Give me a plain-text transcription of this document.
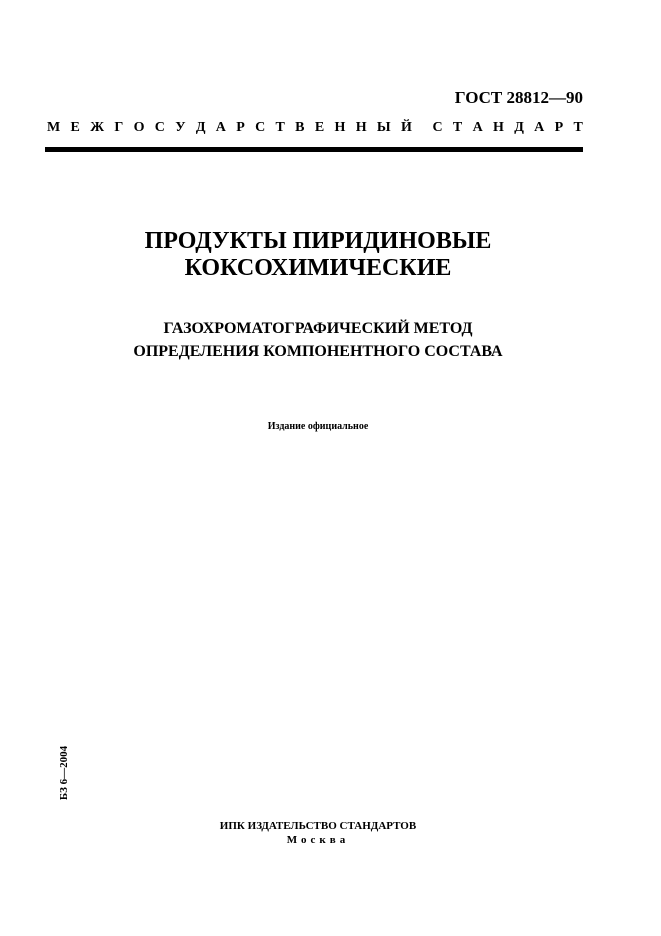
ГОСТ 28812—90
М Е Ж Г О С У Д А Р С Т В Е Н Н Ы Й С Т А Н Д А Р Т
ПРОДУКТЫ ПИРИДИНОВЫЕ
КОКСОХИМИЧЕСКИЕ
ГАЗОХРОМАТОГРАФИЧЕСКИЙ МЕТОД
ОПРЕДЕЛЕНИЯ КОМПОНЕНТНОГО СОСТАВА
Издание официальное
БЗ 6—2004
ИПК ИЗДАТЕЛЬСТВО СТАНДАРТОВ
Москва
